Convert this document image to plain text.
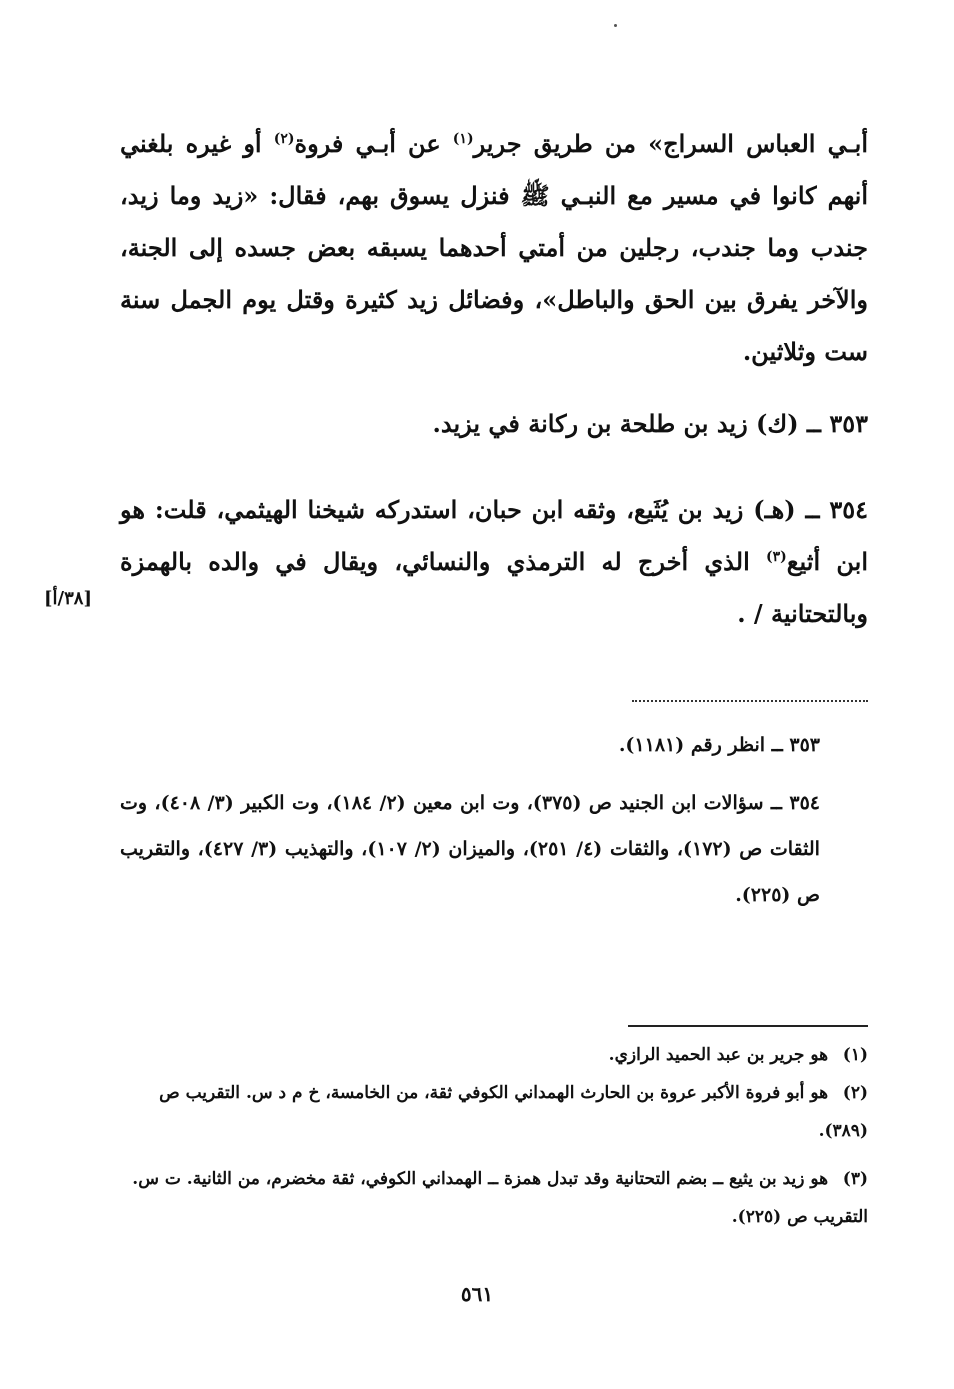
أبـي العباس السراج» من طريق جرير$^{(١)}$ عن أبـي فروة$^{(٢)}$ أو غيره بلغني أنهم كانوا في مسير مع النبـي ﷺ فنزل يسوق بهم، فقال: «زيد وما زيد، جندب وما جندب، رجلين من أمتي أحدهما يسبقه بعض جسده إلى الجنة، والآخر يفرق بين الحق والباطل»، وفضائل زيد كثيرة وقتل يوم الجمل سنة ست وثلاثين.

٣٥٣ ــ (ك) زيد بن طلحة بن ركانة في يزيد.

٣٥٤ ــ (هـ) زيد بن يُثَيع، وثقه ابن حبان، استدركه شيخنا الهيثمي، قلت: هو ابن أثيع$^{(٣)}$ الذي أخرج له الترمذي والنسائي، ويقال في والده بالهمزة وبالتحتانية / .

[٣٨/أ]

٣٥٣ ــ انظر رقم (١١٨١).

٣٥٤ ــ سؤالات ابن الجنيد ص (٣٧٥)، وت ابن معين (٢/ ١٨٤)، وت الكبير (٣/ ٤٠٨)، وت الثقات ص (١٧٢)، والثقات (٤/ ٢٥١)، والميزان (٢/ ١٠٧)، والتهذيب (٣/ ٤٢٧)، والتقريب ص (٢٢٥).

(١) هو جرير بن عبد الحميد الرازي.
(٢) هو أبو فروة الأكبر عروة بن الحارث الهمداني الكوفي ثقة، من الخامسة، خ م د س. التقريب ص (٣٨٩).
(٣) هو زيد بن يثيع ــ بضم التحتانية وقد تبدل همزة ــ الهمداني الكوفي، ثقة مخضرم، من الثانية. ت س. التقريب ص (٢٢٥).
٥٦١
